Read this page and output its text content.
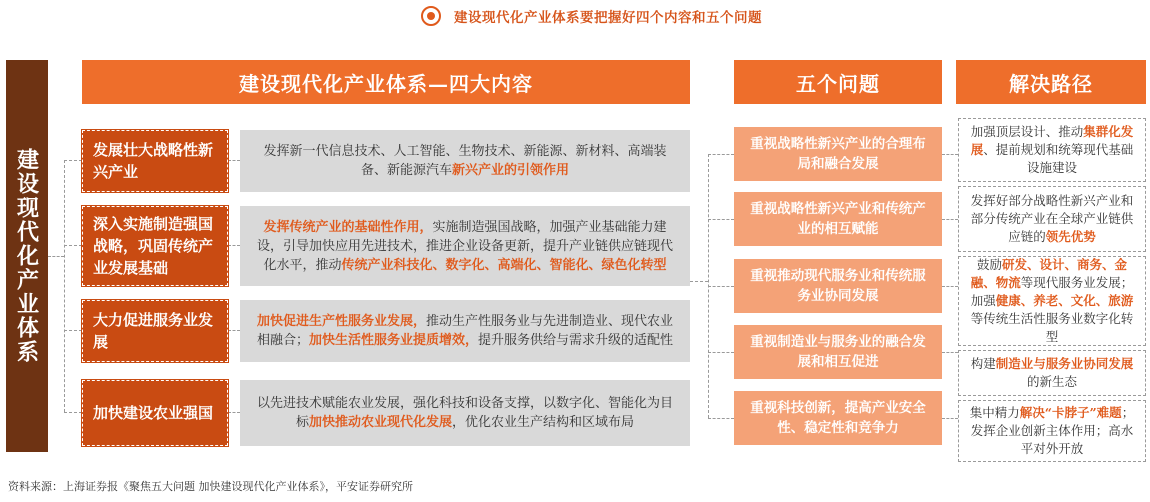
建设现代化产业体系要把握好四个内容和五个问题
建设现代化产业体系
建设现代化产业体系—四大内容	五个问题	解决路径
发展壮大战略性新兴产业
深入实施制造强国战略，巩固传统产业发展基础
大力促进服务业发展
加快建设农业强国

发挥新一代信息技术、人工智能、生物技术、新能源、新材料、高端装备、新能源汽车新兴产业的引领作用

发挥传统产业的基础性作用，实施制造强国战略，加强产业基础能力建设，引导加快应用先进技术，推进企业设备更新，提升产业链供应链现代化水平，推动传统产业科技化、数字化、高端化、智能化、绿色化转型

加快促进生产性服务业发展，推动生产性服务业与先进制造业、现代农业相融合；加快生活性服务业提质增效，提升服务供给与需求升级的适配性

以先进技术赋能农业发展，强化科技和设备支撑，以数字化、智能化为目标加快推动农业现代化发展，优化农业生产结构和区域布局

重视战略性新兴产业的合理布局和融合发展
重视战略性新兴产业和传统产业的相互赋能
重视推动现代服务业和传统服务业协同发展
重视制造业与服务业的融合发展和相互促进
重视科技创新，提高产业安全性、稳定性和竞争力

加强顶层设计、推动集群化发展、提前规划和统筹现代基础设施建设

发挥好部分战略性新兴产业和部分传统产业在全球产业链供应链的领先优势

鼓励研发、设计、商务、金融、物流等现代服务业发展；加强健康、养老、文化、旅游等传统生活性服务业数字化转型

构建制造业与服务业协同发展的新生态

集中精力解决“卡脖子”难题；发挥企业创新主体作用；高水平对外开放

资料来源：上海证券报《聚焦五大问题 加快建设现代化产业体系》，平安证券研究所
